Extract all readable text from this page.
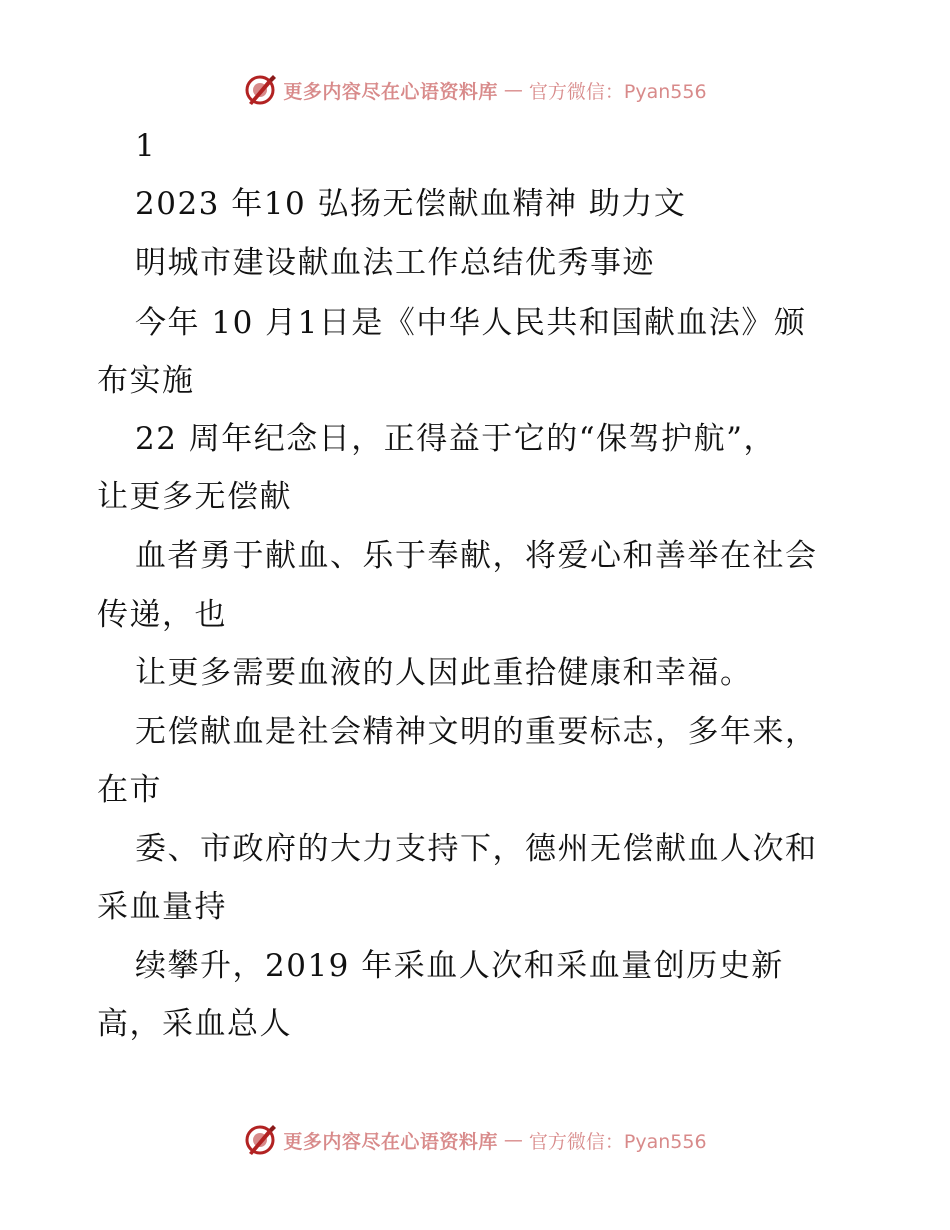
更多内容尽在心语资料库 — 官方微信：Pyan556
1
2023 年10 弘扬无偿献血精神 助力文
明城市建设献血法工作总结优秀事迹
今年 10 月1日是《中华人民共和国献血法》颁
布实施
22 周年纪念日，正得益于它的“保驾护航”，
让更多无偿献
血者勇于献血、乐于奉献，将爱心和善举在社会
传递，也
让更多需要血液的人因此重拾健康和幸福。
无偿献血是社会精神文明的重要标志，多年来，
在市
委、市政府的大力支持下，德州无偿献血人次和
采血量持
续攀升，2019 年采血人次和采血量创历史新
高，采血总人
更多内容尽在心语资料库 — 官方微信：Pyan556
